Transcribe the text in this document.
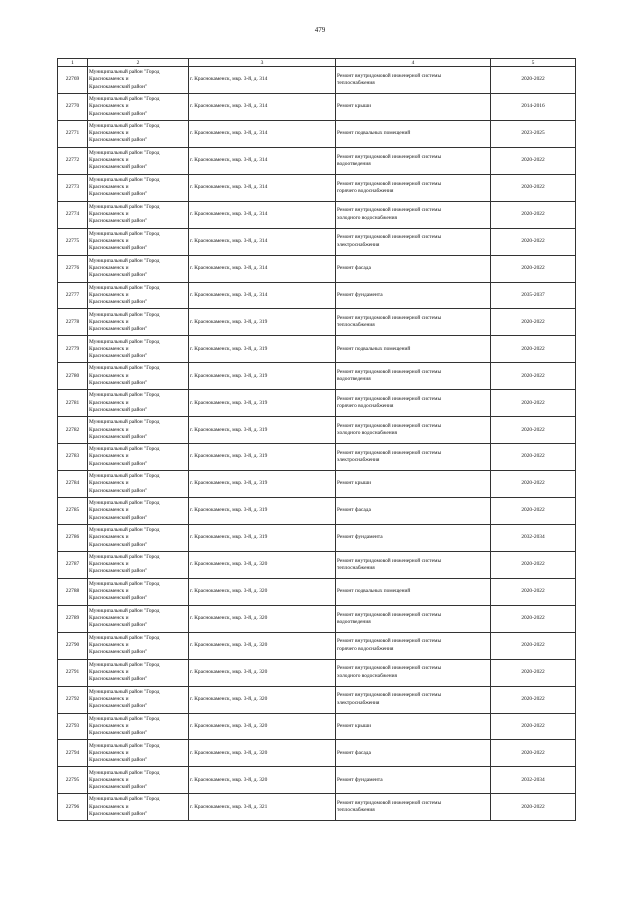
479
1	2	3	4	5
22769	Муниципальный район "Город
Краснокаменск и
Краснокаменский район"	г. Краснокаменск, мкр. 3-й, д. 314	Ремонт внутридомовой инженерной системы
теплоснабжения	2020-2022
22770	Муниципальный район "Город
Краснокаменск и
Краснокаменский район"	г. Краснокаменск, мкр. 3-й, д. 314	Ремонт крыши	2014-2016
22771	Муниципальный район "Город
Краснокаменск и
Краснокаменский район"	г. Краснокаменск, мкр. 3-й, д. 314	Ремонт подвальных помещений	2023-2025
22772	Муниципальный район "Город
Краснокаменск и
Краснокаменский район"	г. Краснокаменск, мкр. 3-й, д. 314	Ремонт внутридомовой инженерной системы
водоотведения	2020-2022
22773	Муниципальный район "Город
Краснокаменск и
Краснокаменский район"	г. Краснокаменск, мкр. 3-й, д. 314	Ремонт внутридомовой инженерной системы
горячего водоснабжения	2020-2022
22774	Муниципальный район "Город
Краснокаменск и
Краснокаменский район"	г. Краснокаменск, мкр. 3-й, д. 314	Ремонт внутридомовой инженерной системы
холодного водоснабжения	2020-2022
22775	Муниципальный район "Город
Краснокаменск и
Краснокаменский район"	г. Краснокаменск, мкр. 3-й, д. 314	Ремонт внутридомовой инженерной системы
электроснабжения	2020-2022
22776	Муниципальный район "Город
Краснокаменск и
Краснокаменский район"	г. Краснокаменск, мкр. 3-й, д. 314	Ремонт фасада	2020-2022
22777	Муниципальный район "Город
Краснокаменск и
Краснокаменский район"	г. Краснокаменск, мкр. 3-й, д. 314	Ремонт фундамента	2035-2037
22778	Муниципальный район "Город
Краснокаменск и
Краснокаменский район"	г. Краснокаменск, мкр. 3-й, д. 319	Ремонт внутридомовой инженерной системы
теплоснабжения	2020-2022
22779	Муниципальный район "Город
Краснокаменск и
Краснокаменский район"	г. Краснокаменск, мкр. 3-й, д. 319	Ремонт подвальных помещений	2020-2022
22780	Муниципальный район "Город
Краснокаменск и
Краснокаменский район"	г. Краснокаменск, мкр. 3-й, д. 319	Ремонт внутридомовой инженерной системы
водоотведения	2020-2022
22781	Муниципальный район "Город
Краснокаменск и
Краснокаменский район"	г. Краснокаменск, мкр. 3-й, д. 319	Ремонт внутридомовой инженерной системы
горячего водоснабжения	2020-2022
22782	Муниципальный район "Город
Краснокаменск и
Краснокаменский район"	г. Краснокаменск, мкр. 3-й, д. 319	Ремонт внутридомовой инженерной системы
холодного водоснабжения	2020-2022
22783	Муниципальный район "Город
Краснокаменск и
Краснокаменский район"	г. Краснокаменск, мкр. 3-й, д. 319	Ремонт внутридомовой инженерной системы
электроснабжения	2020-2022
22784	Муниципальный район "Город
Краснокаменск и
Краснокаменский район"	г. Краснокаменск, мкр. 3-й, д. 319	Ремонт крыши	2020-2022
22785	Муниципальный район "Город
Краснокаменск и
Краснокаменский район"	г. Краснокаменск, мкр. 3-й, д. 319	Ремонт фасада	2020-2022
22786	Муниципальный район "Город
Краснокаменск и
Краснокаменский район"	г. Краснокаменск, мкр. 3-й, д. 319	Ремонт фундамента	2032-2034
22787	Муниципальный район "Город
Краснокаменск и
Краснокаменский район"	г. Краснокаменск, мкр. 3-й, д. 320	Ремонт внутридомовой инженерной системы
теплоснабжения	2020-2022
22788	Муниципальный район "Город
Краснокаменск и
Краснокаменский район"	г. Краснокаменск, мкр. 3-й, д. 320	Ремонт подвальных помещений	2020-2022
22789	Муниципальный район "Город
Краснокаменск и
Краснокаменский район"	г. Краснокаменск, мкр. 3-й, д. 320	Ремонт внутридомовой инженерной системы
водоотведения	2020-2022
22790	Муниципальный район "Город
Краснокаменск и
Краснокаменский район"	г. Краснокаменск, мкр. 3-й, д. 320	Ремонт внутридомовой инженерной системы
горячего водоснабжения	2020-2022
22791	Муниципальный район "Город
Краснокаменск и
Краснокаменский район"	г. Краснокаменск, мкр. 3-й, д. 320	Ремонт внутридомовой инженерной системы
холодного водоснабжения	2020-2022
22792	Муниципальный район "Город
Краснокаменск и
Краснокаменский район"	г. Краснокаменск, мкр. 3-й, д. 320	Ремонт внутридомовой инженерной системы
электроснабжения	2020-2022
22793	Муниципальный район "Город
Краснокаменск и
Краснокаменский район"	г. Краснокаменск, мкр. 3-й, д. 320	Ремонт крыши	2020-2022
22794	Муниципальный район "Город
Краснокаменск и
Краснокаменский район"	г. Краснокаменск, мкр. 3-й, д. 320	Ремонт фасада	2020-2022
22795	Муниципальный район "Город
Краснокаменск и
Краснокаменский район"	г. Краснокаменск, мкр. 3-й, д. 320	Ремонт фундамента	2032-2034
22796	Муниципальный район "Город
Краснокаменск и
Краснокаменский район"	г. Краснокаменск, мкр. 3-й, д. 321	Ремонт внутридомовой инженерной системы
теплоснабжения	2020-2022
